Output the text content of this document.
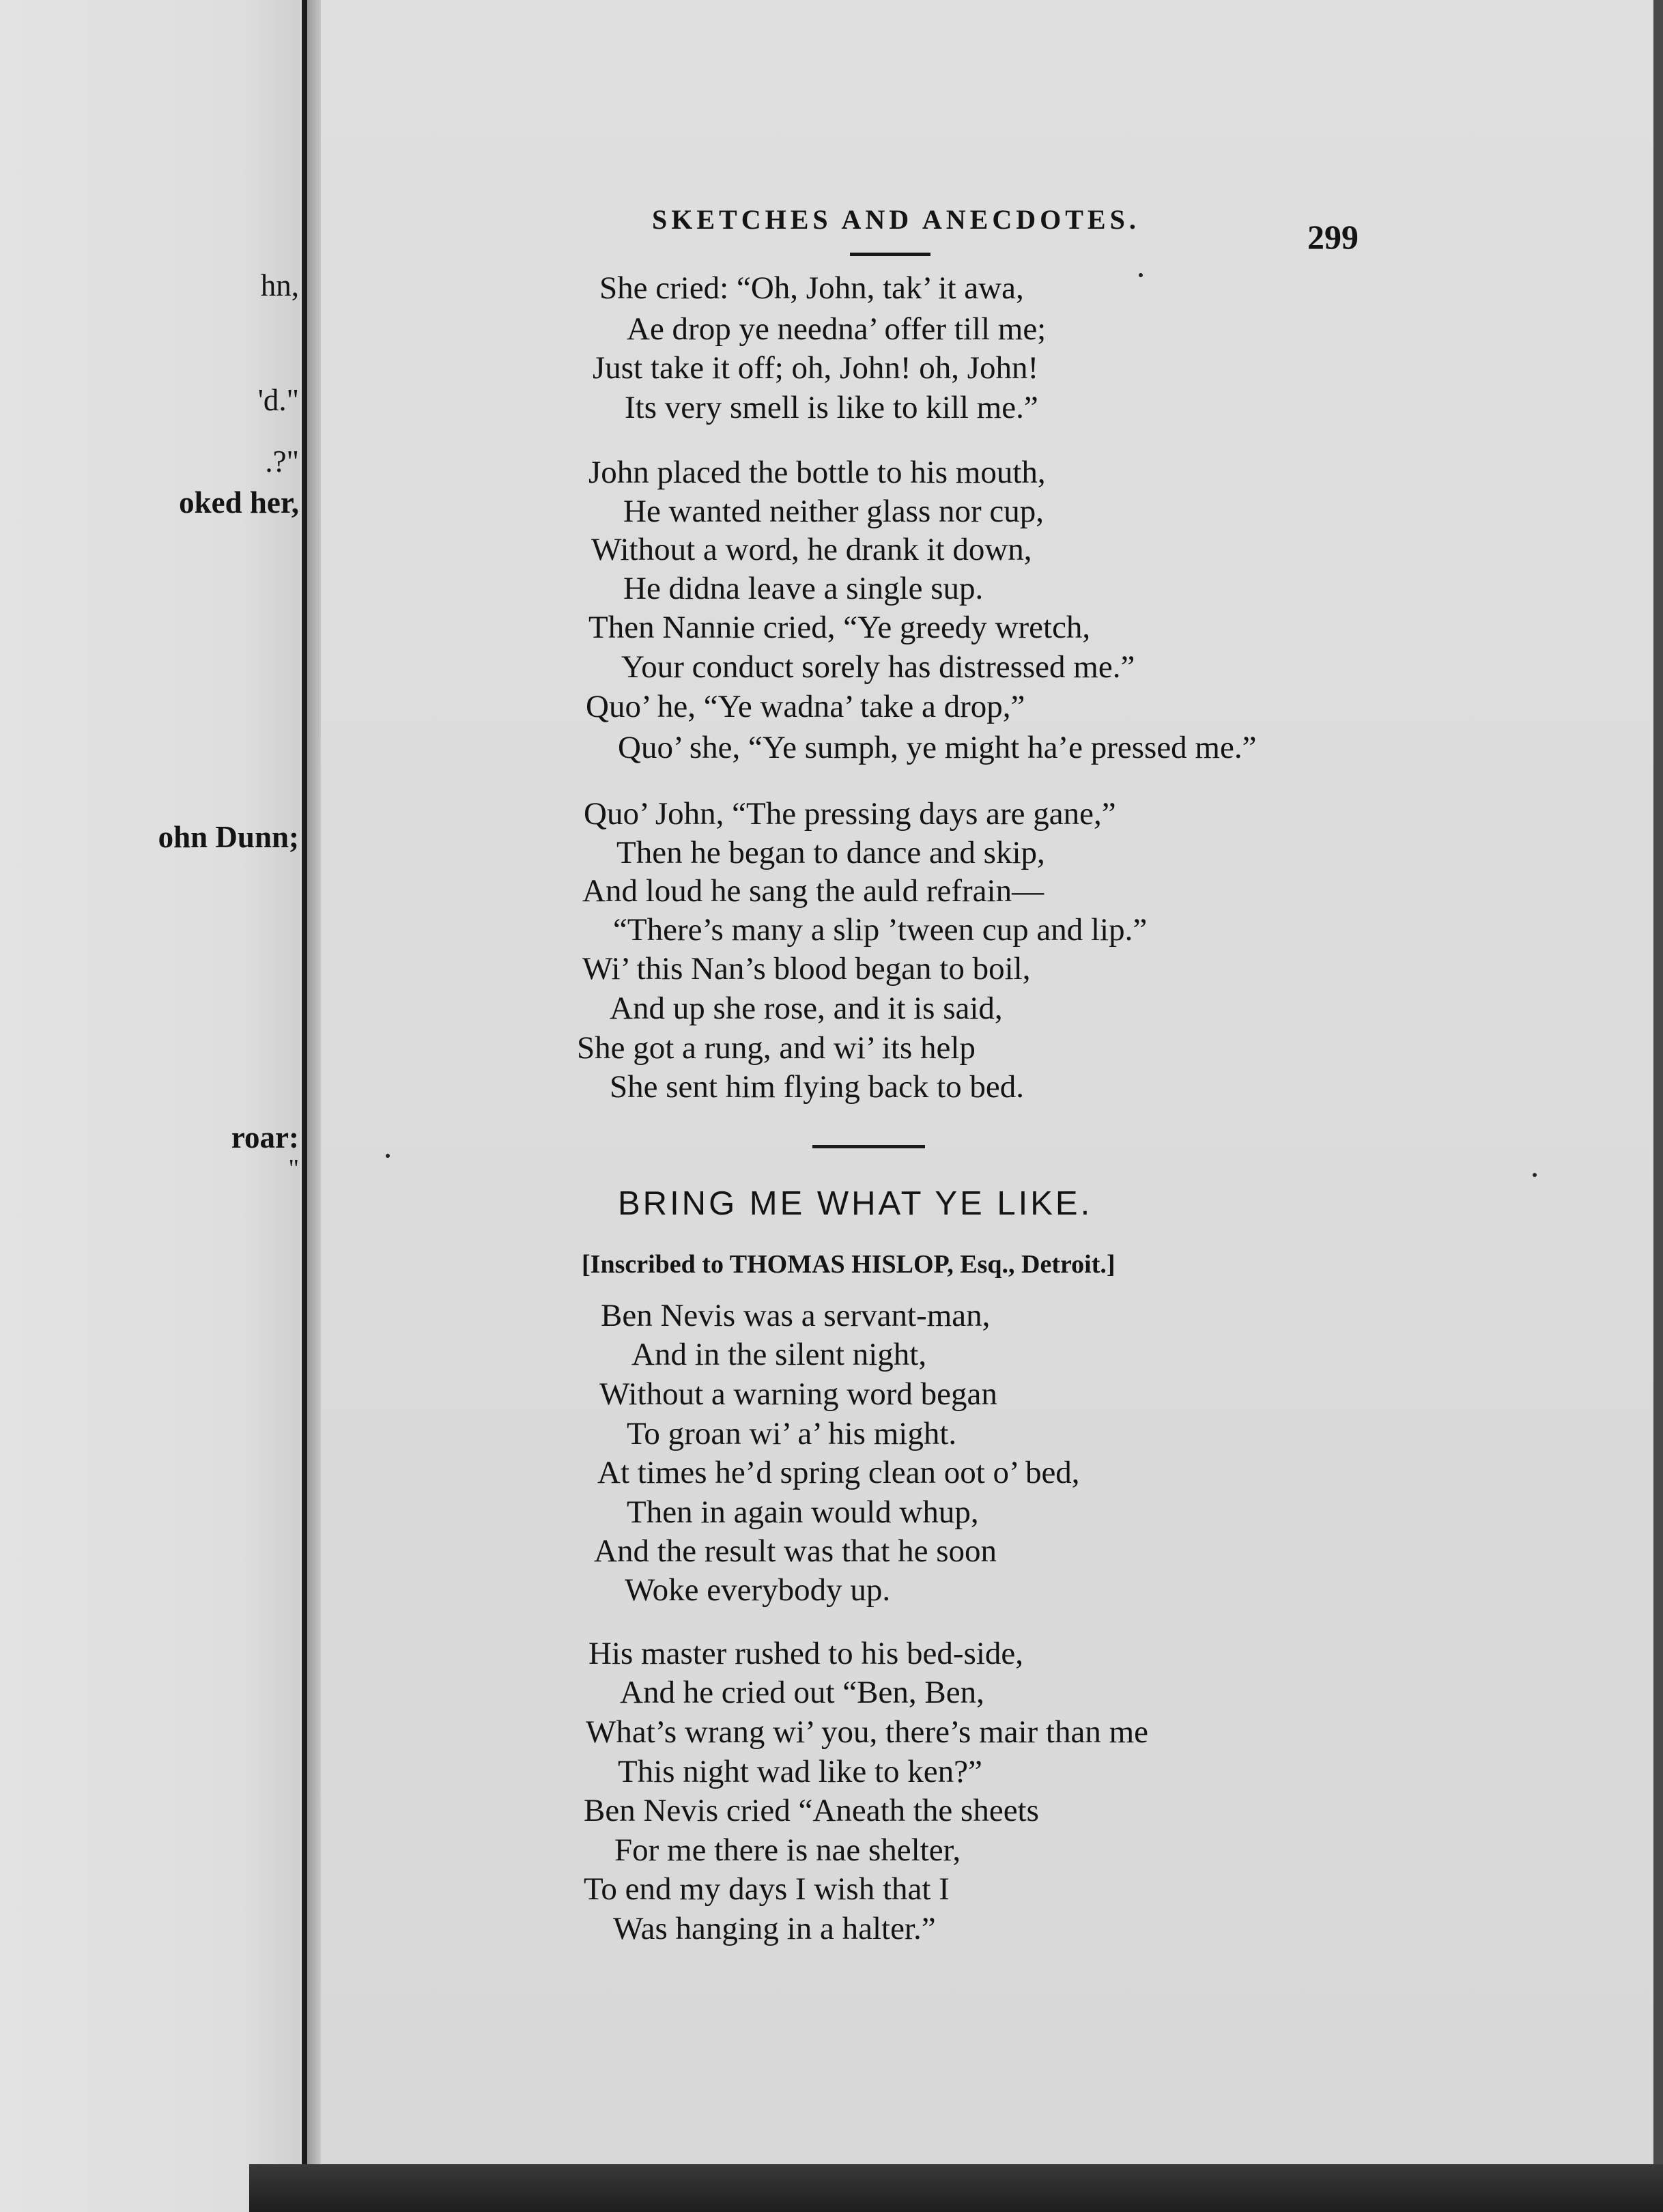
hn,
'd."
.?"
oked her,
ohn Dunn;
roar:
"
SKETCHES AND ANECDOTES.	299
She cried: “Oh, John, tak’ it awa,
Ae drop ye needna’ offer till me;
Just take it off; oh, John! oh, John!
Its very smell is like to kill me.”
John placed the bottle to his mouth,
He wanted neither glass nor cup,
Without a word, he drank it down,
He didna leave a single sup.
Then Nannie cried, “Ye greedy wretch,
Your conduct sorely has distressed me.”
Quo’ he, “Ye wadna’ take a drop,”
Quo’ she, “Ye sumph, ye might ha’e pressed me.”
Quo’ John, “The pressing days are gane,”
Then he began to dance and skip,
And loud he sang the auld refrain—
“There’s many a slip ’tween cup and lip.”
Wi’ this Nan’s blood began to boil,
And up she rose, and it is said,
She got a rung, and wi’ its help
She sent him flying back to bed.
BRING ME WHAT YE LIKE.
[Inscribed to THOMAS HISLOP, Esq., Detroit.]
Ben Nevis was a servant-man,
And in the silent night,
Without a warning word began
To groan wi’ a’ his might.
At times he’d spring clean oot o’ bed,
Then in again would whup,
And the result was that he soon
Woke everybody up.
His master rushed to his bed-side,
And he cried out “Ben, Ben,
What’s wrang wi’ you, there’s mair than me
This night wad like to ken?”
Ben Nevis cried “Aneath the sheets
For me there is nae shelter,
To end my days I wish that I
Was hanging in a halter.”
